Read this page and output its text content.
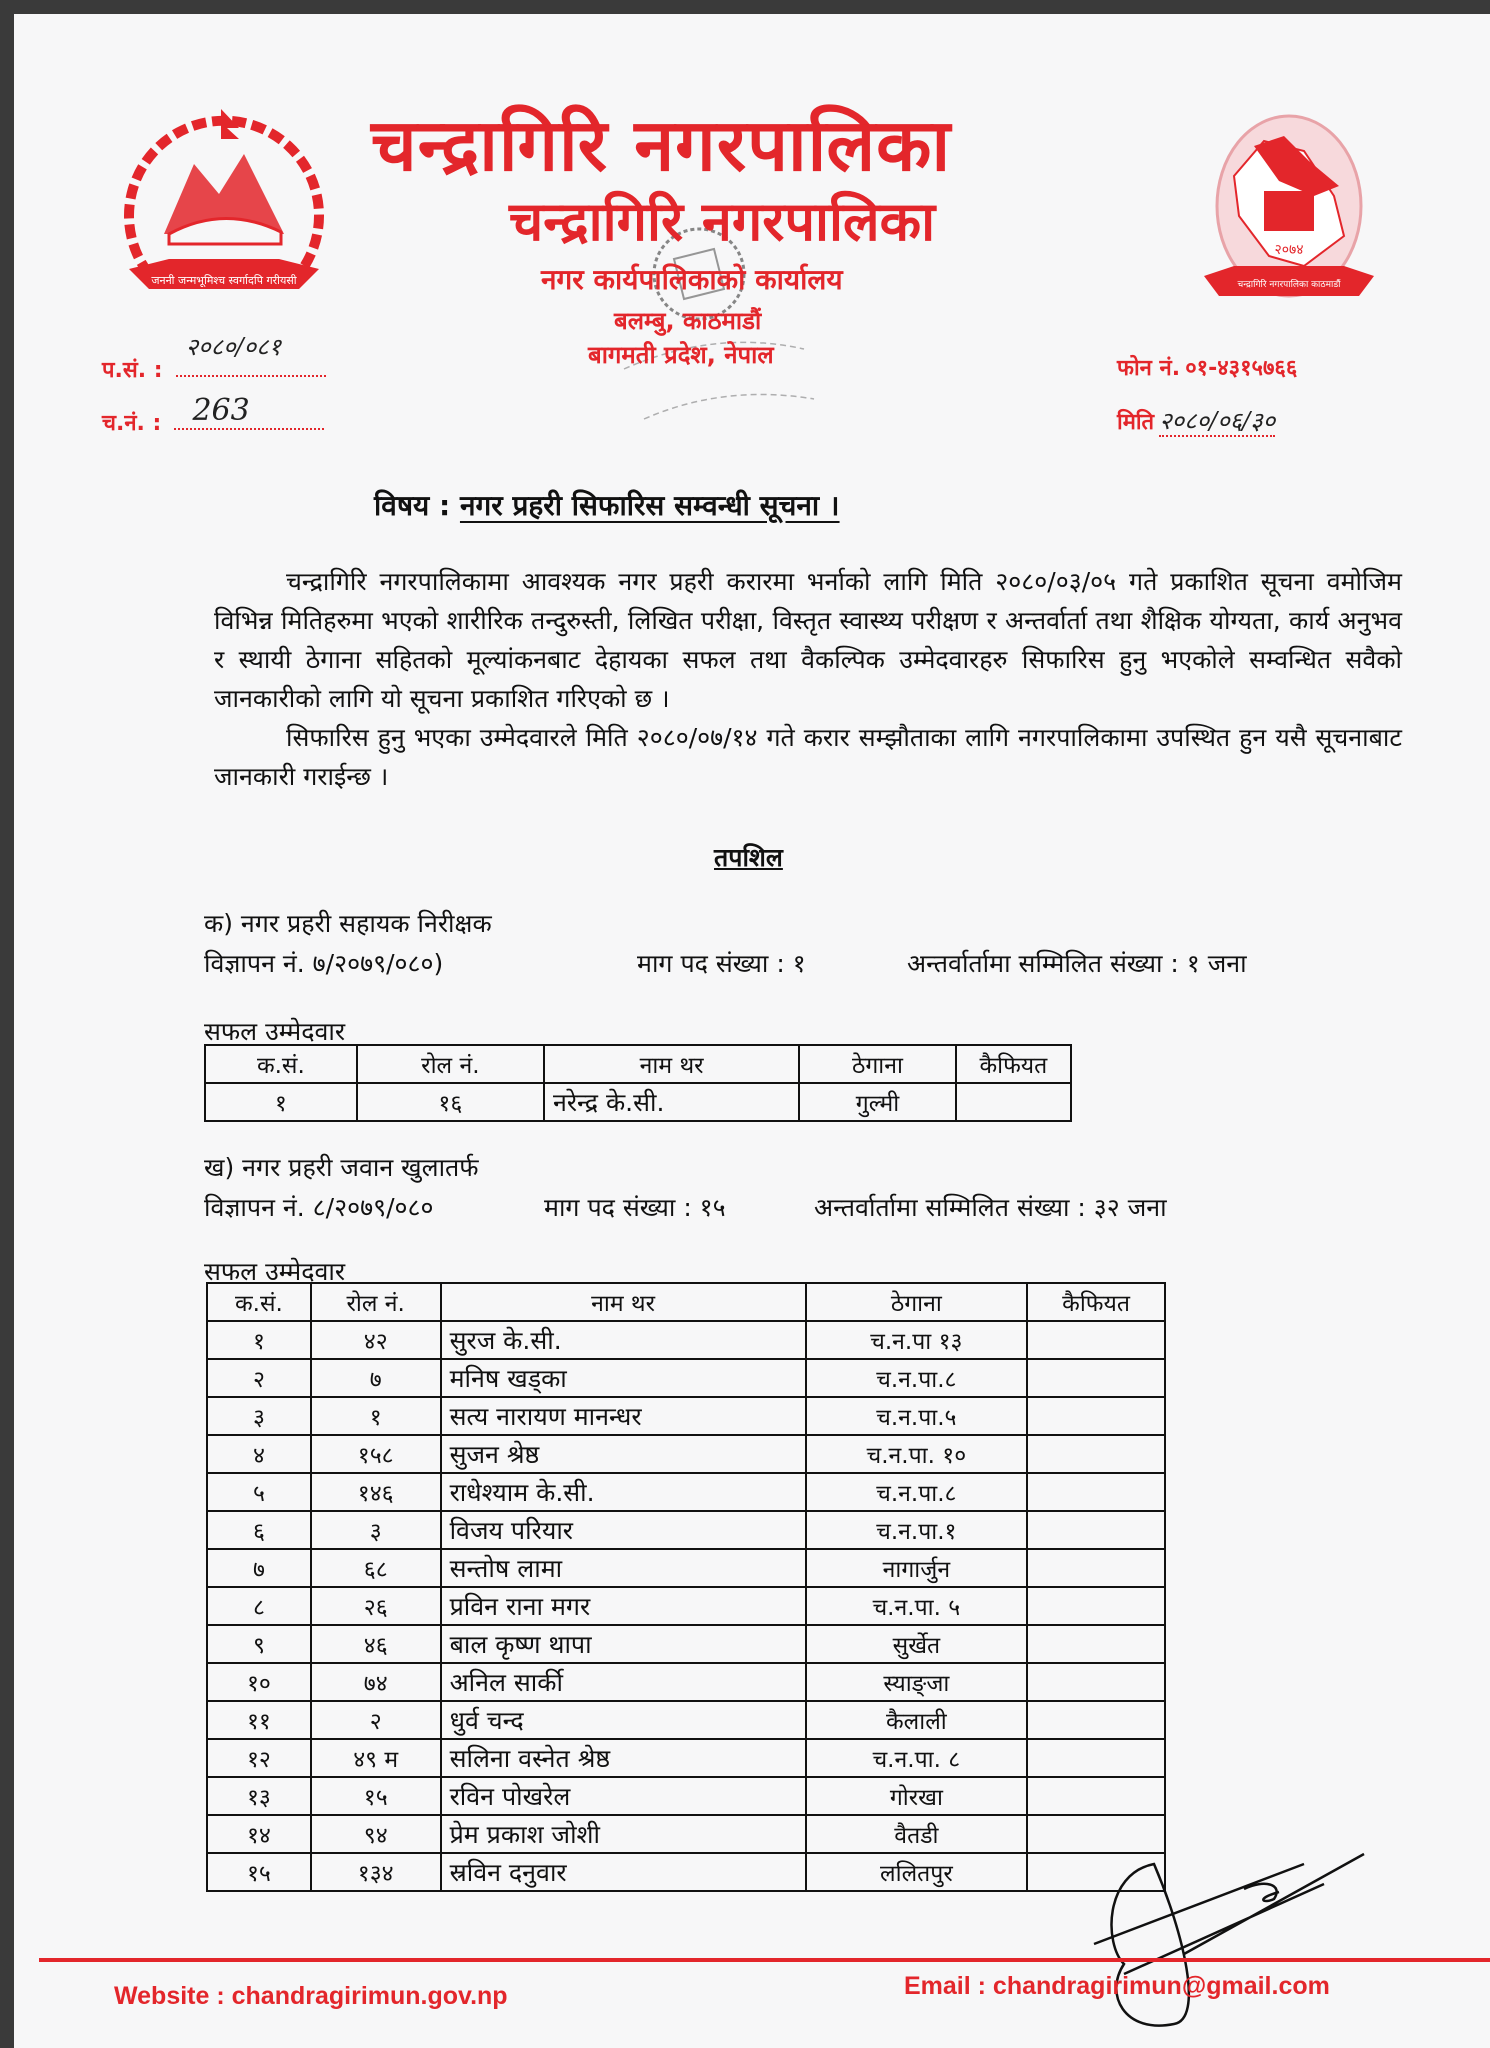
जननी जन्मभूमिश्च स्वर्गादपि गरीयसी
२०७४
चन्द्रागिरि नगरपालिका काठमाडौं
चन्द्रागिरि नगरपालिका
चन्द्रागिरि नगरपालिका
नगर कार्यपालिकाको कार्यालय
बलम्बु, काठमाडौं
बागमती प्रदेश, नेपाल
प.सं. :
२०८०/०८१
च.नं. : 263
फोन नं. ०१-४३१५७६६
मिति २०८०/०६/३०
विषय : नगर प्रहरी सिफारिस सम्वन्धी सूचना ।

चन्द्रागिरि नगरपालिकामा आवश्यक नगर प्रहरी करारमा भर्नाको लागि मिति २०८०/०३/०५ गते प्रकाशित सूचना वमोजिम विभिन्न मितिहरुमा भएको शारीरिक तन्दुरुस्ती, लिखित परीक्षा, विस्तृत स्वास्थ्य परीक्षण र अन्तर्वार्ता तथा शैक्षिक योग्यता, कार्य अनुभव र स्थायी ठेगाना सहितको मूल्यांकनबाट देहायका सफल तथा वैकल्पिक उम्मेदवारहरु सिफारिस हुनु भएकोले सम्वन्धित सवैको जानकारीको लागि यो सूचना प्रकाशित गरिएको छ ।

सिफारिस हुनु भएका उम्मेदवारले मिति २०८०/०७/१४ गते करार सम्झौताका लागि नगरपालिकामा उपस्थित हुन यसै सूचनाबाट जानकारी गराईन्छ ।

तपशिल
क) नगर प्रहरी सहायक निरीक्षक
विज्ञापन नं. ७/२०७९/०८०)	माग पद संख्या : १	अन्तर्वार्तामा सम्मिलित संख्या : १ जना
सफल उम्मेदवार
क.सं.	रोल नं.	नाम थर	ठेगाना	कैफियत
१	१६	नरेन्द्र के.सी.	गुल्मी	
ख) नगर प्रहरी जवान खुलातर्फ
विज्ञापन नं. ८/२०७९/०८०	माग पद संख्या : १५	अन्तर्वार्तामा सम्मिलित संख्या : ३२ जना
सफल उम्मेदवार
क.सं.	रोल नं.	नाम थर	ठेगाना	कैफियत
१	४२	सुरज के.सी.	च.न.पा १३	
२	७	मनिष खड्का	च.न.पा.८	
३	१	सत्य नारायण मानन्धर	च.न.पा.५	
४	१५८	सुजन श्रेष्ठ	च.न.पा. १०	
५	१४६	राधेश्याम के.सी.	च.न.पा.८	
६	३	विजय परियार	च.न.पा.१	
७	६८	सन्तोष लामा	नागार्जुन	
८	२६	प्रविन राना मगर	च.न.पा. ५	
९	४६	बाल कृष्ण थापा	सुर्खेत	
१०	७४	अनिल सार्की	स्याङ्जा	
११	२	धुर्व चन्द	कैलाली	
१२	४९ म	सलिना वस्नेत श्रेष्ठ	च.न.पा. ८	
१३	१५	रविन पोखरेल	गोरखा	
१४	९४	प्रेम प्रकाश जोशी	वैतडी	
१५	१३४	स्रविन दनुवार	ललितपुर	
Website : chandragirimun.gov.np	Email : chandragirimun@gmail.com
